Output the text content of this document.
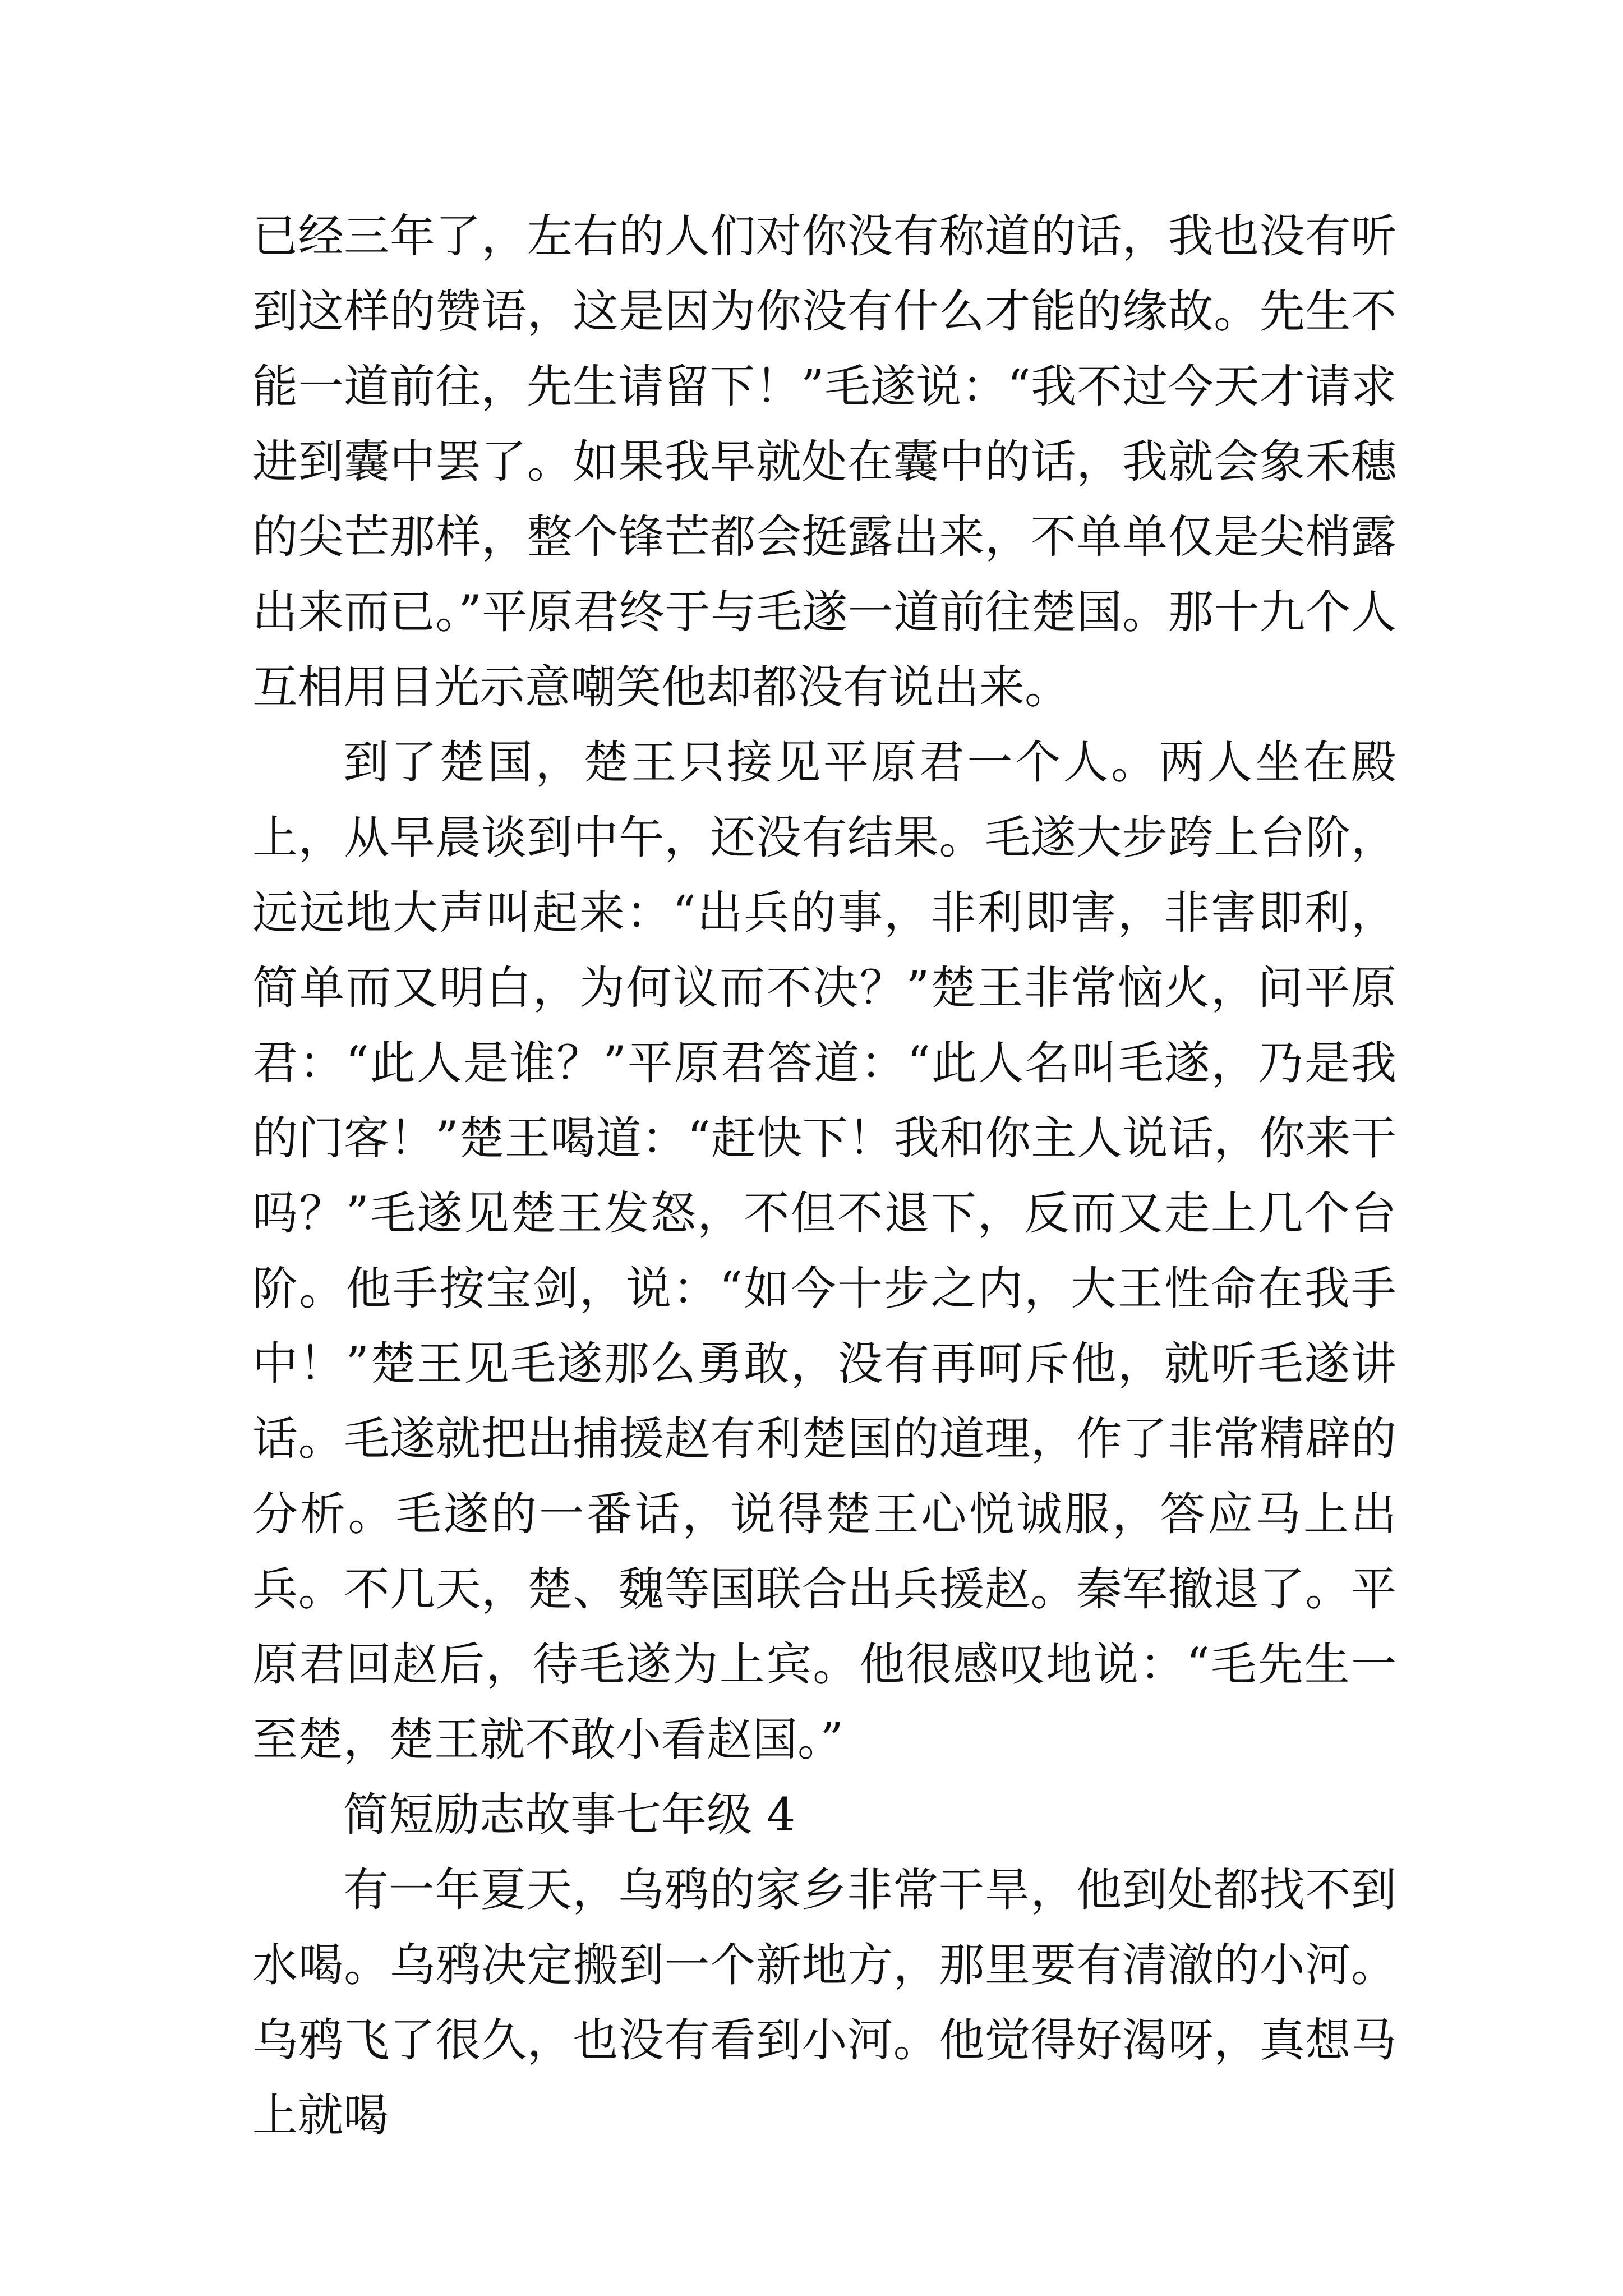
已经三年了，左右的人们对你没有称道的话，我也没有听到这样的赞语，这是因为你没有什么才能的缘故。先生不能一道前往，先生请留下！”毛遂说：“我不过今天才请求进到囊中罢了。如果我早就处在囊中的话，我就会象禾穗的尖芒那样，整个锋芒都会挺露出来，不单单仅是尖梢露出来而已。”平原君终于与毛遂一道前往楚国。那十九个人互相用目光示意嘲笑他却都没有说出来。

到了楚国，楚王只接见平原君一个人。两人坐在殿上，从早晨谈到中午，还没有结果。毛遂大步跨上台阶，远远地大声叫起来：“出兵的事，非利即害，非害即利，简单而又明白，为何议而不决？”楚王非常恼火，问平原君：“此人是谁？”平原君答道：“此人名叫毛遂，乃是我的门客！”楚王喝道：“赶快下！我和你主人说话，你来干吗？”毛遂见楚王发怒，不但不退下，反而又走上几个台阶。他手按宝剑，说：“如今十步之内，大王性命在我手中！”楚王见毛遂那么勇敢，没有再呵斥他，就听毛遂讲话。毛遂就把出捕援赵有利楚国的道理，作了非常精辟的分析。毛遂的一番话，说得楚王心悦诚服，答应马上出兵。不几天，楚、魏等国联合出兵援赵。秦军撤退了。平原君回赵后，待毛遂为上宾。他很感叹地说：“毛先生一至楚，楚王就不敢小看赵国。”

简短励志故事七年级 4

有一年夏天，乌鸦的家乡非常干旱，他到处都找不到水喝。乌鸦决定搬到一个新地方，那里要有清澈的小河。乌鸦飞了很久，也没有看到小河。他觉得好渴呀，真想马上就喝
